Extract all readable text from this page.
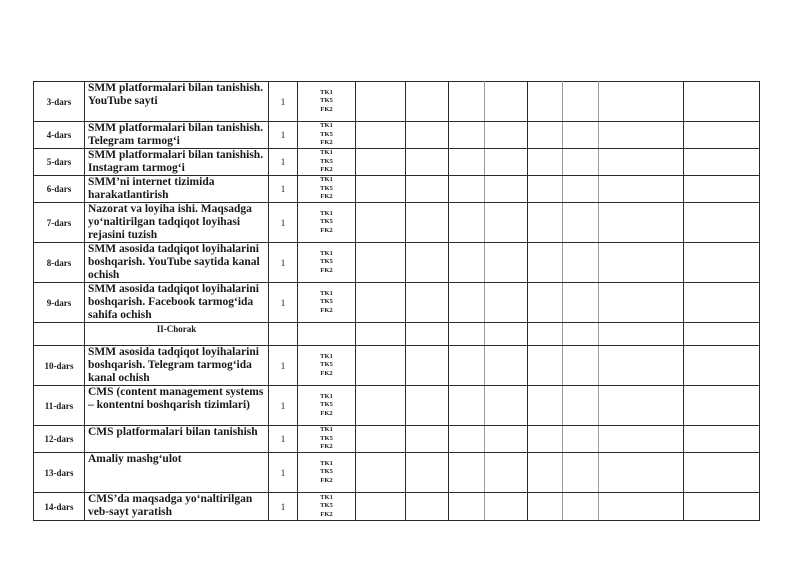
3-dars	SMM platformalari bilan tanishish. YouTube sayti	1	TK1
TK5
FK2								

4-dars	SMM platformalari bilan tanishish. Telegram tarmog‘i	1	TK1
TK5
FK2								

5-dars	SMM platformalari bilan tanishish. Instagram tarmog‘i	1	TK1
TK5
FK2								

6-dars	SMM’ni internet tizimida harakatlantirish	1	TK1
TK5
FK2								

7-dars	Nazorat va loyiha ishi. Maqsadga yo‘naltirilgan tadqiqot loyihasi rejasini tuzish	1	TK1
TK5
FK2								

8-dars	SMM asosida tadqiqot loyihalarini boshqarish. YouTube saytida kanal ochish	1	TK1
TK5
FK2								

9-dars	SMM asosida tadqiqot loyihalarini boshqarish. Facebook tarmog‘ida sahifa ochish	1	TK1
TK5
FK2								

	II-Chorak										
10-dars	SMM asosida tadqiqot loyihalarini boshqarish. Telegram tarmog‘ida kanal ochish	1	TK1
TK5
FK2								

11-dars	CMS (content management systems – kontentni boshqarish tizimlari)	1	TK1
TK5
FK2								

12-dars	CMS platformalari bilan tanishish	1	TK1
TK5
FK2								

13-dars	Amaliy mashg‘ulot	1	TK1
TK5
FK2								

14-dars	CMS’da maqsadga yo‘naltirilgan veb-sayt yaratish	1	TK1
TK5
FK2								
